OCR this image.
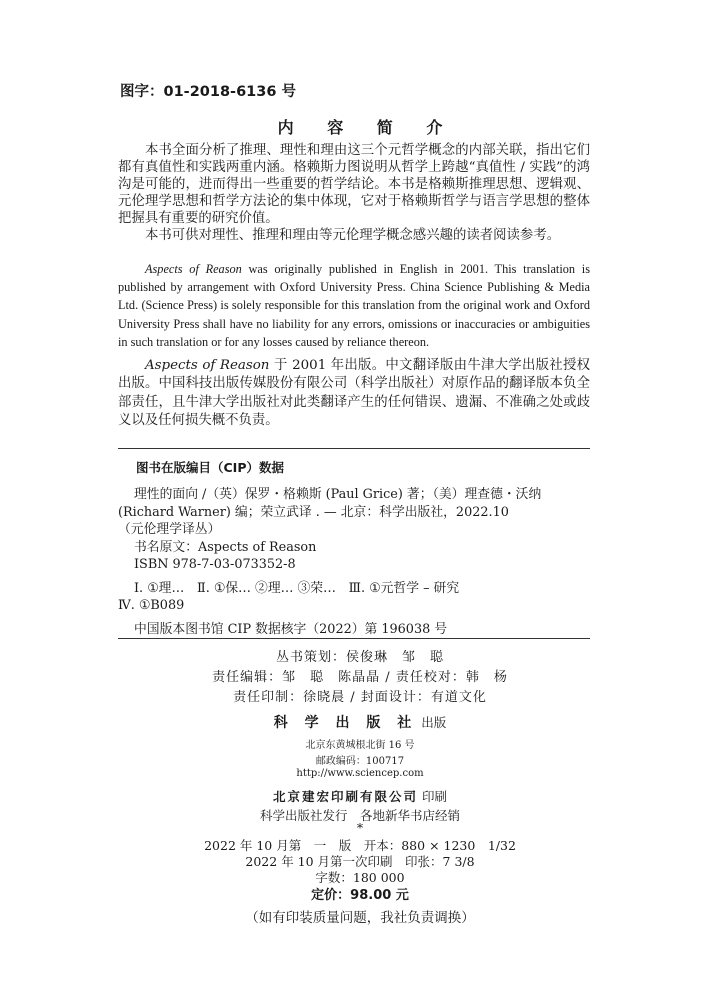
图字：01-2018-6136 号
内 容 简 介

本书全面分析了推理、理性和理由这三个元哲学概念的内部关联，指出它们都有真值性和实践两重内涵。格赖斯力图说明从哲学上跨越“真值性 / 实践”的鸿沟是可能的，进而得出一些重要的哲学结论。本书是格赖斯推理思想、逻辑观、元伦理学思想和哲学方法论的集中体现，它对于格赖斯哲学与语言学思想的整体把握具有重要的研究价值。

本书可供对理性、推理和理由等元伦理学概念感兴趣的读者阅读参考。

Aspects of Reason was originally published in English in 2001. This translation is published by arrangement with Oxford University Press. China Science Publishing & Media Ltd. (Science Press) is solely responsible for this translation from the original work and Oxford University Press shall have no liability for any errors, omissions or inaccuracies or ambiguities in such translation or for any losses caused by reliance thereon.

Aspects of Reason 于 2001 年出版。中文翻译版由牛津大学出版社授权出版。中国科技出版传媒股份有限公司（科学出版社）对原作品的翻译版本负全部责任，且牛津大学出版社对此类翻译产生的任何错误、遗漏、不准确之处或歧义以及任何损失概不负责。

图书在版编目（CIP）数据
理性的面向 /（英）保罗・格赖斯 (Paul Grice) 著；（美）理查德・沃纳
(Richard Warner) 编；荣立武译 . — 北京：科学出版社，2022.10
（元伦理学译丛）
书名原文：Aspects of Reason
ISBN 978-7-03-073352-8
Ⅰ. ①理…　Ⅱ. ①保… ②理… ③荣…　Ⅲ. ①元哲学 – 研究
Ⅳ. ①B089
中国版本图书馆 CIP 数据核字（2022）第 196038 号
丛书策划：侯俊琳　邹　聪
责任编辑：邹　聪　陈晶晶 / 责任校对：韩　杨
责任印制：徐晓晨 / 封面设计：有道文化
科 学 出 版 社 出版
北京东黄城根北街 16 号
邮政编码：100717
http://www.sciencep.com
北京建宏印刷有限公司 印刷
科学出版社发行　各地新华书店经销
*
2022 年 10 月第　一　版　开本：880 × 1230　1/32
2022 年 10 月第一次印刷　印张：7 3/8
字数：180 000
定价：98.00 元
（如有印装质量问题，我社负责调换）
